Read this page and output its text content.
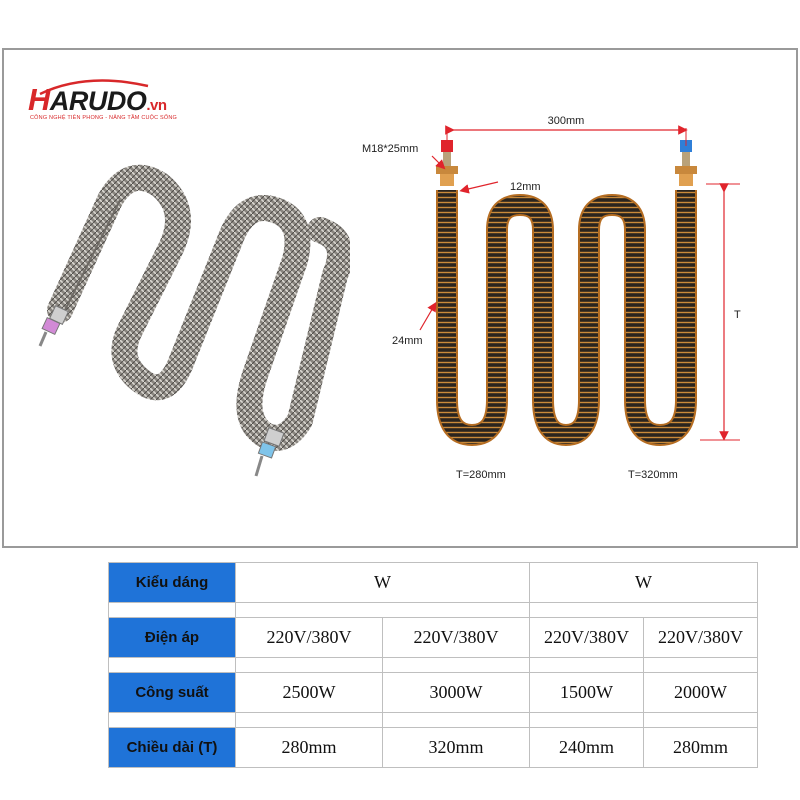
HARUDO.vn
CÔNG NGHỆ TIÊN PHONG - NÂNG TẦM CUỘC SỐNG	300mm
M18*25mm
12mm
24mm
T
T=280mm	T=320mm
Kiểu dáng	W		W	

Điện áp	220V/380V	220V/380V	220V/380V	220V/380V

Công suất	2500W	3000W	1500W	2000W

Chiều dài (T)	280mm	320mm	240mm	280mm
